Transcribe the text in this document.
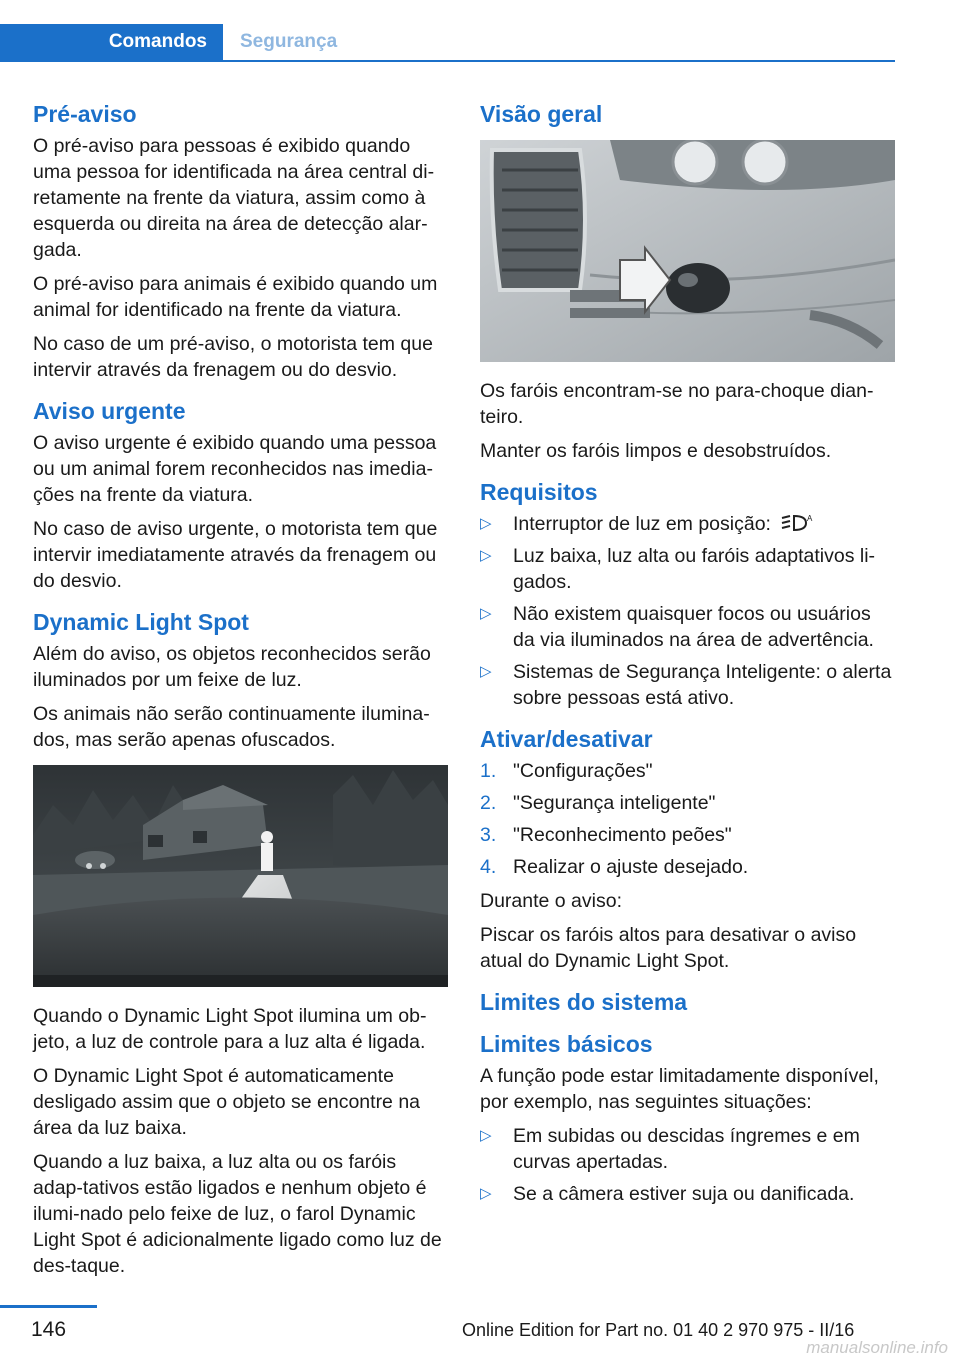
Comandos Segurança
Pré-aviso

O pré-aviso para pessoas é exibido quando uma pessoa for identificada na área central di-retamente na frente da viatura, assim como à esquerda ou direita na área de detecção alar-gada.

O pré-aviso para animais é exibido quando um animal for identificado na frente da viatura.

No caso de um pré-aviso, o motorista tem que intervir através da frenagem ou do desvio.

Aviso urgente

O aviso urgente é exibido quando uma pessoa ou um animal forem reconhecidos nas imedia-ções na frente da viatura.

No caso de aviso urgente, o motorista tem que intervir imediatamente através da frenagem ou do desvio.

Dynamic Light Spot

Além do aviso, os objetos reconhecidos serão iluminados por um feixe de luz.

Os animais não serão continuamente ilumina-dos, mas serão apenas ofuscados.

Quando o Dynamic Light Spot ilumina um ob-jeto, a luz de controle para a luz alta é ligada.

O Dynamic Light Spot é automaticamente desligado assim que o objeto se encontre na área da luz baixa.

Quando a luz baixa, a luz alta ou os faróis adap-tativos estão ligados e nenhum objeto é ilumi-nado pelo feixe de luz, o farol Dynamic Light Spot é adicionalmente ligado como luz de des-taque.

Visão geral

Os faróis encontram-se no para-choque dian-teiro.

Manter os faróis limpos e desobstruídos.

Requisitos
▷ Interruptor de luz em posição:	A
▷ Luz baixa, luz alta ou faróis adaptativos li-gados.
▷ Não existem quaisquer focos ou usuários da via iluminados na área de advertência.
▷ Sistemas de Segurança Inteligente: o alerta sobre pessoas está ativo.
Ativar/desativar
1. "Configurações"
2. "Segurança inteligente"
3. "Reconhecimento peões"
4. Realizar o ajuste desejado.

Durante o aviso:

Piscar os faróis altos para desativar o aviso atual do Dynamic Light Spot.

Limites do sistema
Limites básicos

A função pode estar limitadamente disponível, por exemplo, nas seguintes situações:

▷ Em subidas ou descidas íngremes e em curvas apertadas.
▷ Se a câmera estiver suja ou danificada.
146	Online Edition for Part no. 01 40 2 970 975 - II/16
manualsonline.info
